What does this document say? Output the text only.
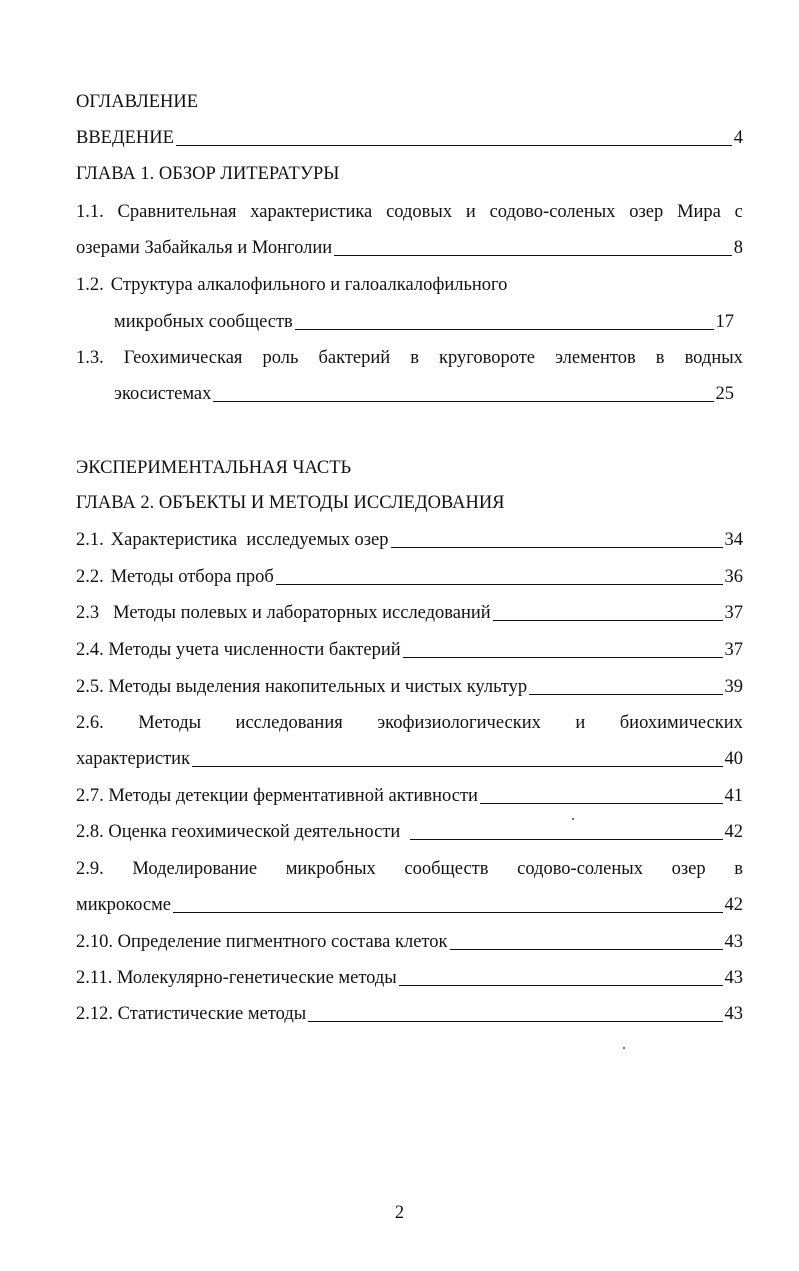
ОГЛАВЛЕНИЕ
ВВЕДЕНИЕ	4
ГЛАВА 1. ОБЗОР ЛИТЕРАТУРЫ
1.1. Сравнительная характеристика содовых и содово-соленых озер Мира с
озерами Забайкалья и Монголии	8
1.2. Структура алкалофильного и галоалкалофильного
микробных сообществ	17
1.3. Геохимическая роль бактерий в круговороте элементов в водных
экосистемах	25
ЭКСПЕРИМЕНТАЛЬНАЯ ЧАСТЬ
ГЛАВА 2. ОБЪЕКТЫ И МЕТОДЫ ИССЛЕДОВАНИЯ
2.1. Характеристика  исследуемых озер	34
2.2. Методы отбора проб	36
2.3 Методы полевых и лабораторных исследований	37
2.4. Методы учета численности бактерий	37
2.5. Методы выделения накопительных и чистых культур	39
2.6. Методы исследования экофизиологических и биохимических
характеристик	40
2.7. Методы детекции ферментативной активности	41
2.8. Оценка геохимической деятельности	42
2.9. Моделирование микробных сообществ содово-соленых озер в
микрокосме	42
2.10. Определение пигментного состава клеток	43
2.11. Молекулярно-генетические методы	43
2.12. Статистические методы	43
2
